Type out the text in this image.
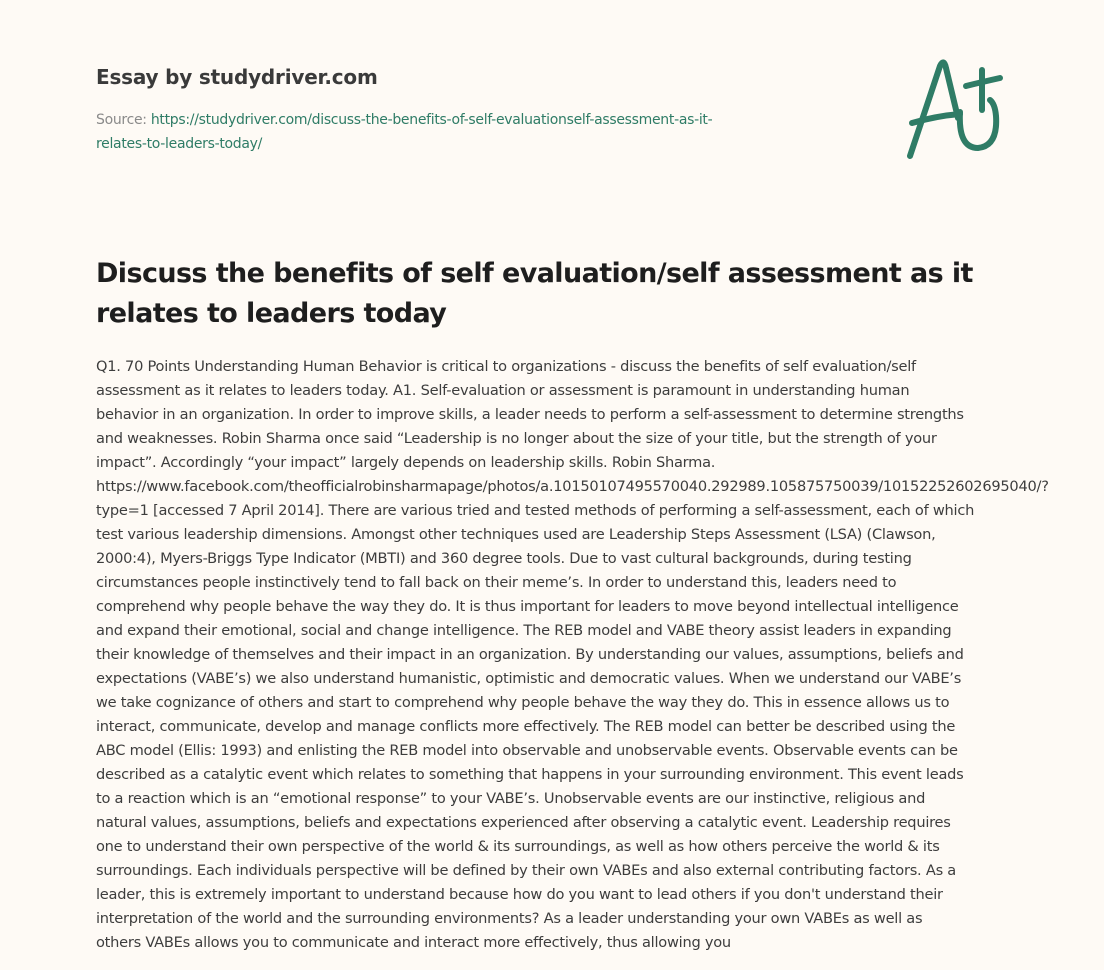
Essay by studydriver.com
Source: https://studydriver.com/discuss-the-benefits-of-self-evaluationself-assessment-as-it-
relates-to-leaders-today/
Discuss the benefits of self evaluation/self assessment as it
relates to leaders today
Q1. 70 Points Understanding Human Behavior is critical to organizations - discuss the benefits of self evaluation/self
assessment as it relates to leaders today. A1. Self-evaluation or assessment is paramount in understanding human
behavior in an organization. In order to improve skills, a leader needs to perform a self-assessment to determine strengths
and weaknesses. Robin Sharma once said “Leadership is no longer about the size of your title, but the strength of your
impact”. Accordingly “your impact” largely depends on leadership skills. Robin Sharma.
https://www.facebook.com/theofficialrobinsharmapage/photos/a.10150107495570040.292989.105875750039/10152252602695040/?
type=1 [accessed 7 April 2014]. There are various tried and tested methods of performing a self-assessment, each of which
test various leadership dimensions. Amongst other techniques used are Leadership Steps Assessment (LSA) (Clawson,
2000:4), Myers-Briggs Type Indicator (MBTI) and 360 degree tools. Due to vast cultural backgrounds, during testing
circumstances people instinctively tend to fall back on their meme’s. In order to understand this, leaders need to
comprehend why people behave the way they do. It is thus important for leaders to move beyond intellectual intelligence
and expand their emotional, social and change intelligence. The REB model and VABE theory assist leaders in expanding
their knowledge of themselves and their impact in an organization. By understanding our values, assumptions, beliefs and
expectations (VABE’s) we also understand humanistic, optimistic and democratic values. When we understand our VABE’s
we take cognizance of others and start to comprehend why people behave the way they do. This in essence allows us to
interact, communicate, develop and manage conflicts more effectively. The REB model can better be described using the
ABC model (Ellis: 1993) and enlisting the REB model into observable and unobservable events. Observable events can be
described as a catalytic event which relates to something that happens in your surrounding environment. This event leads
to a reaction which is an “emotional response” to your VABE’s. Unobservable events are our instinctive, religious and
natural values, assumptions, beliefs and expectations experienced after observing a catalytic event. Leadership requires
one to understand their own perspective of the world & its surroundings, as well as how others perceive the world & its
surroundings. Each individuals perspective will be defined by their own VABEs and also external contributing factors. As a
leader, this is extremely important to understand because how do you want to lead others if you don't understand their
interpretation of the world and the surrounding environments? As a leader understanding your own VABEs as well as
others VABEs allows you to communicate and interact more effectively, thus allowing you
